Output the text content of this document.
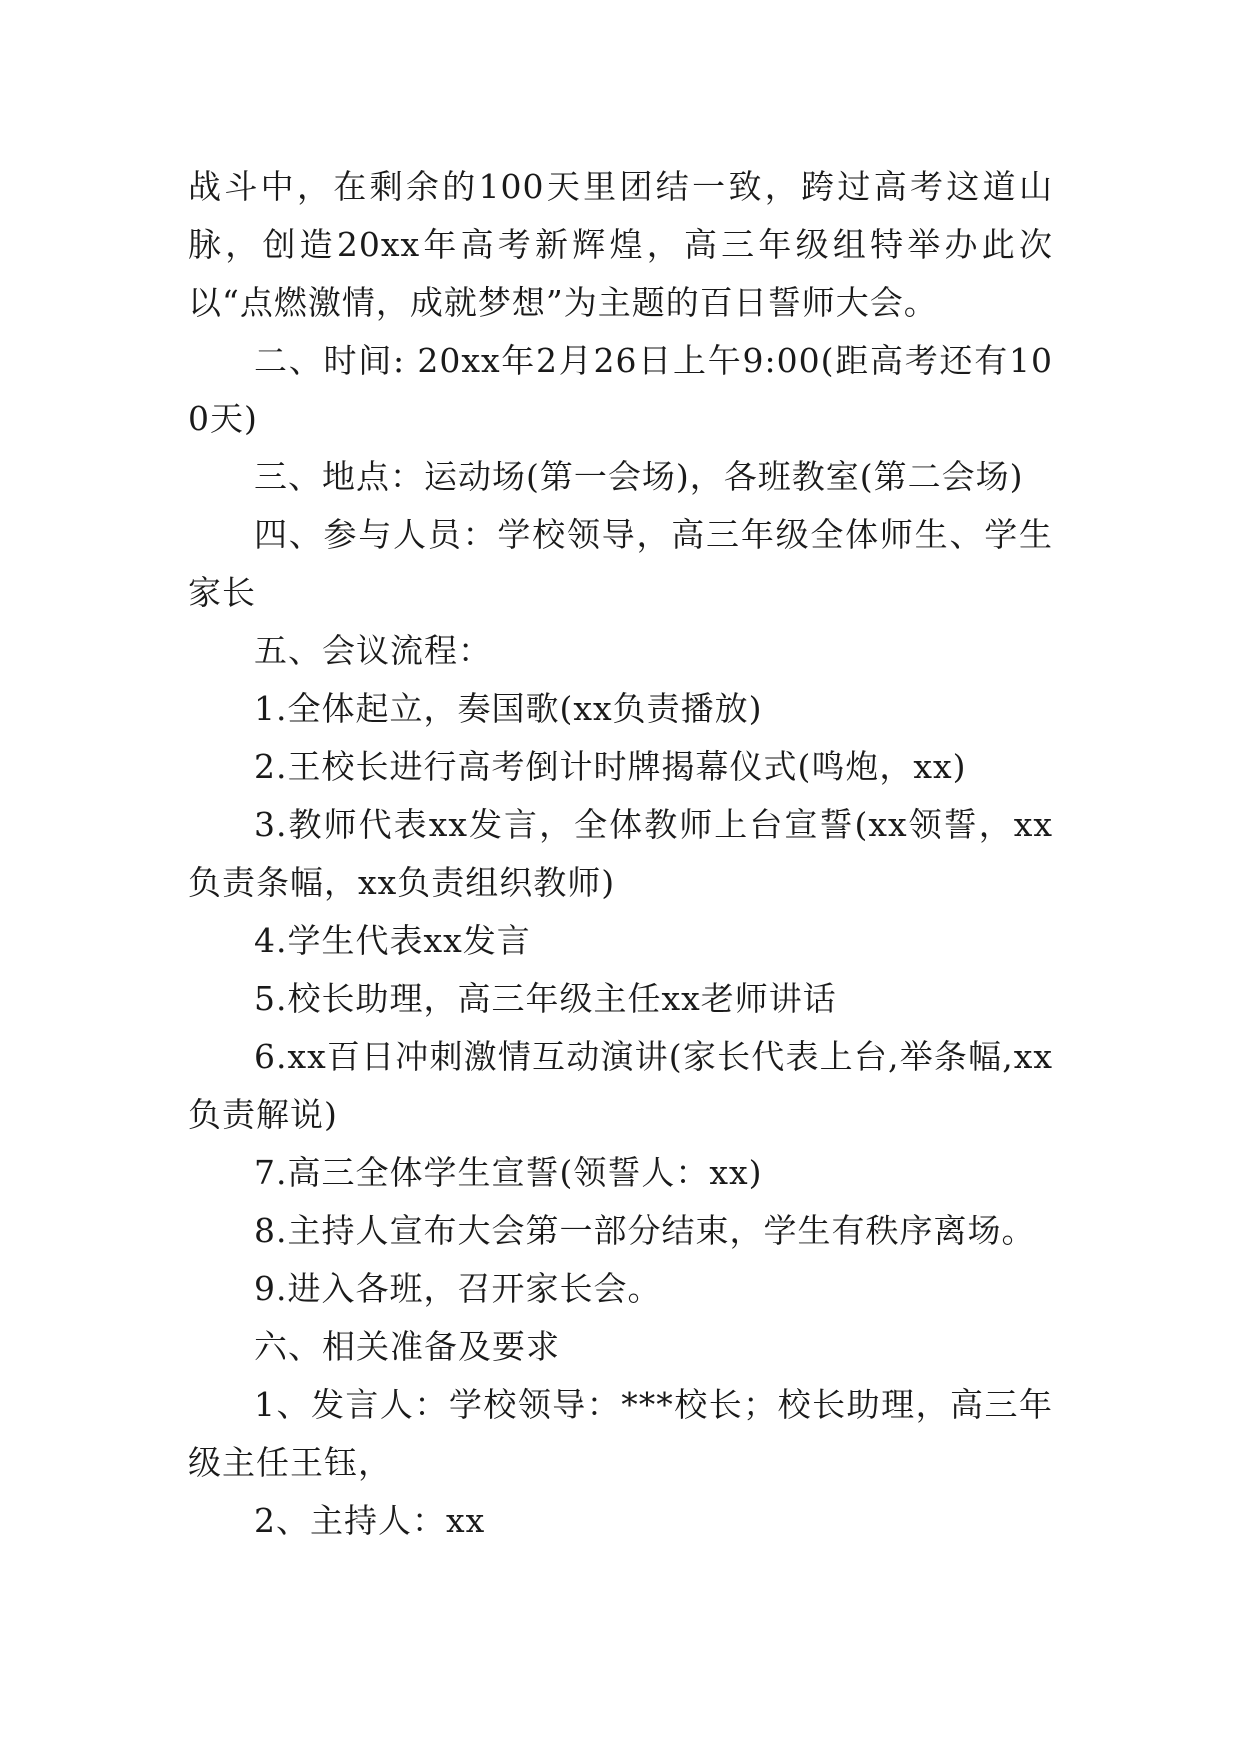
战斗中，在剩余的100天里团结一致，跨过高考这道山脉，创造20xx年高考新辉煌，高三年级组特举办此次以“点燃激情，成就梦想”为主题的百日誓师大会。

二、时间: 20xx年2月26日上午9:00(距高考还有100天)

三、地点：运动场(第一会场)，各班教室(第二会场)

四、参与人员：学校领导，高三年级全体师生、学生家长

五、会议流程：

1.全体起立，奏国歌(xx负责播放)

2.王校长进行高考倒计时牌揭幕仪式(鸣炮，xx)

3.教师代表xx发言，全体教师上台宣誓(xx领誓，xx负责条幅，xx负责组织教师)

4.学生代表xx发言

5.校长助理，高三年级主任xx老师讲话

6.xx百日冲刺激情互动演讲(家长代表上台,举条幅,xx负责解说)

7.高三全体学生宣誓(领誓人：xx)

8.主持人宣布大会第一部分结束，学生有秩序离场。

9.进入各班，召开家长会。

六、相关准备及要求

1、发言人：学校领导：***校长；校长助理，高三年级主任王钰，

2、主持人：xx
